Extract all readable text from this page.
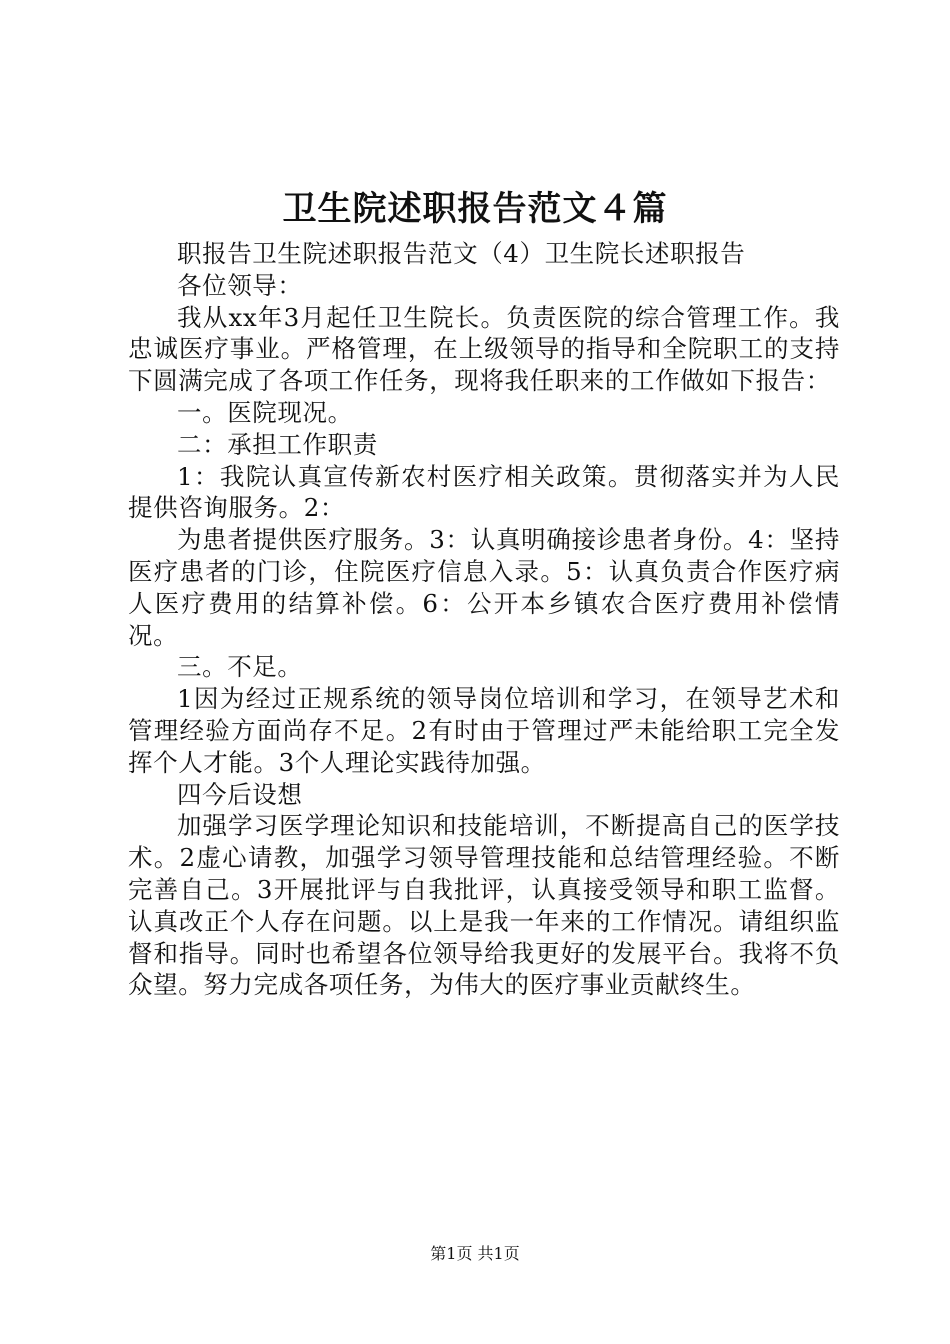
卫生院述职报告范文４篇

职报告卫生院述职报告范文（4）卫生院长述职报告

各位领导：

我从xx年3月起任卫生院长。负责医院的综合管理工作。我忠诚医疗事业。严格管理，在上级领导的指导和全院职工的支持下圆满完成了各项工作任务，现将我任职来的工作做如下报告：

一。医院现况。

二：承担工作职责

1：我院认真宣传新农村医疗相关政策。贯彻落实并为人民提供咨询服务。2：

为患者提供医疗服务。3：认真明确接诊患者身份。4：坚持医疗患者的门诊，住院医疗信息入录。5：认真负责合作医疗病人医疗费用的结算补偿。6：公开本乡镇农合医疗费用补偿情况。

三。不足。

1因为经过正规系统的领导岗位培训和学习，在领导艺术和管理经验方面尚存不足。2有时由于管理过严未能给职工完全发挥个人才能。3个人理论实践待加强。

四今后设想

加强学习医学理论知识和技能培训，不断提高自己的医学技术。2虚心请教，加强学习领导管理技能和总结管理经验。不断完善自己。3开展批评与自我批评，认真接受领导和职工监督。认真改正个人存在问题。以上是我一年来的工作情况。请组织监督和指导。同时也希望各位领导给我更好的发展平台。我将不负众望。努力完成各项任务，为伟大的医疗事业贡献终生。

第1页 共1页
